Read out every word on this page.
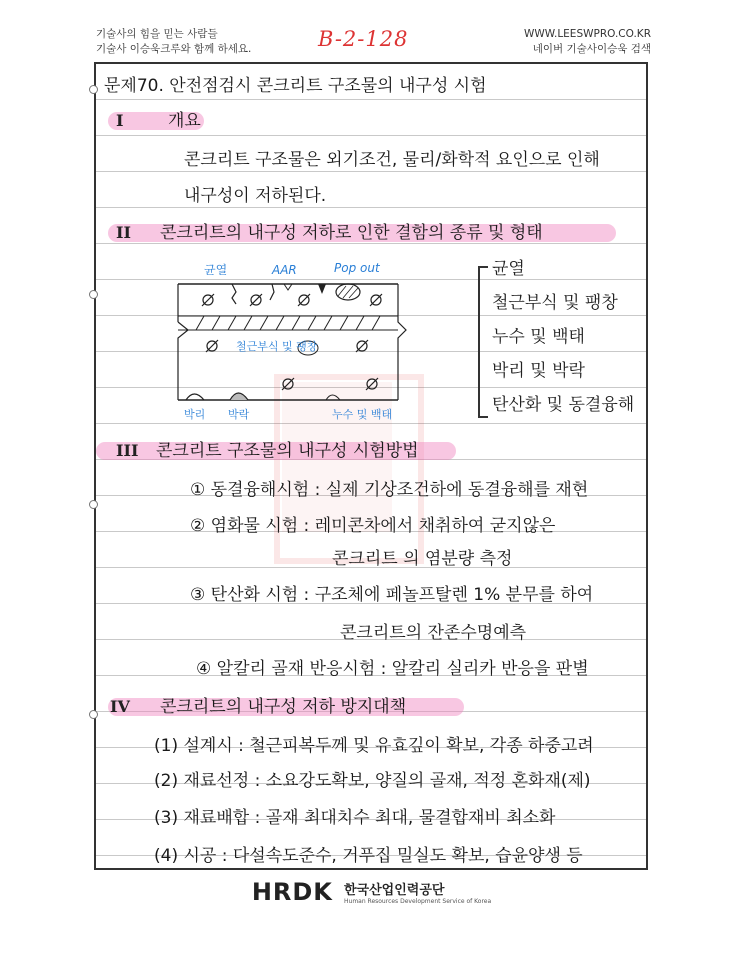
기술사의 힘을 믿는 사람들
기술사 이승욱크루와 함께 하세요.	B-2-128	WWW.LEESWPRO.CO.KR
네이버 기술사이승욱 검색
문제70. 안전점검시 콘크리트 구조물의 내구성 시험
I	개요
콘크리트 구조물은 외기조건, 물리/화학적 요인으로 인해
내구성이 저하된다.
II 콘크리트의 내구성 저하로 인한 결함의 종류 및 형태
균열	AAR	Pop out
철근부식 및 팽창
박리 박락	누수 및 백태
균열
철근부식 및 팽창
누수 및 백태
박리 및 박락
탄산화 및 동결융해
III 콘크리트 구조물의 내구성 시험방법
① 동결융해시험 : 실제 기상조건하에 동결융해를 재현
② 염화물 시험 : 레미콘차에서 채취하여 굳지않은
콘크리트 의 염분량 측정
③ 탄산화 시험 : 구조체에 페놀프탈렌 1% 분무를 하여
콘크리트의 잔존수명예측
④ 알칼리 골재 반응시험 : 알칼리 실리카 반응을 판별
IV 콘크리트의 내구성 저하 방지대책
(1) 설계시 : 철근피복두께 및 유효깊이 확보, 각종 하중고려
(2) 재료선정 : 소요강도확보, 양질의 골재, 적정 혼화재(제)
(3) 재료배합 : 골재 최대치수 최대, 물결합재비 최소화
(4) 시공 : 다설속도준수, 거푸집 밀실도 확보, 습윤양생 등
HRDK 한국산업인력공단
Human Resources Development Service of Korea
